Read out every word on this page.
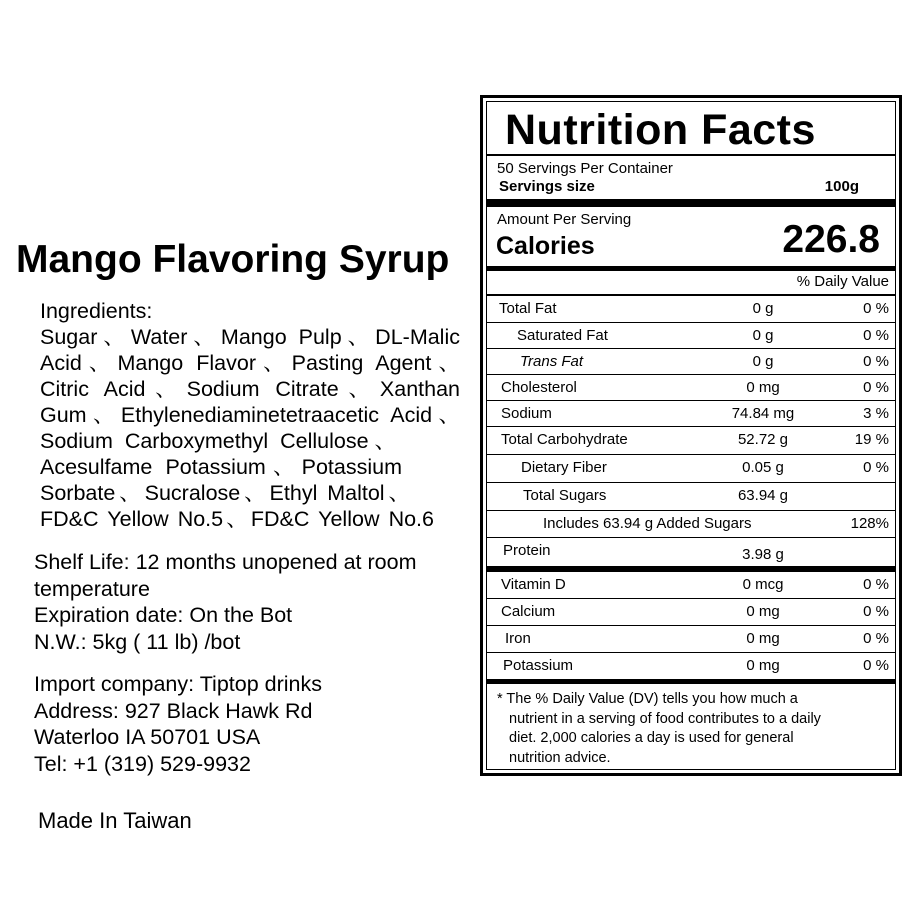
Mango Flavoring Syrup
Ingredients:
Sugar、Water、Mango Pulp、DL-Malic
Acid、Mango Flavor、Pasting Agent、
Citric Acid、Sodium Citrate、Xanthan
Gum、Ethylenediaminetetraacetic Acid、
Sodium Carboxymethyl Cellulose、
Acesulfame Potassium、Potassium
Sorbate、Sucralose、Ethyl Maltol、
FD&C Yellow No.5、FD&C Yellow No.6
Shelf Life: 12 months unopened at room
temperature
Expiration date: On the Bot
N.W.: 5kg ( 11 lb) /bot
Import company: Tiptop drinks
Address: 927 Black Hawk Rd
Waterloo IA 50701 USA
Tel: +1 (319) 529-9932
Made In Taiwan
Nutrition Facts
50 Servings Per Container
Servings size	100g
Amount Per Serving
Calories	226.8
% Daily Value
Total Fat	0 g	0 %
Saturated Fat	0 g	0 %
Trans Fat	0 g	0 %
Cholesterol	0 mg	0 %
Sodium	74.84 mg	3 %
Total Carbohydrate	52.72 g	19 %
Dietary Fiber	0.05 g	0 %
Total Sugars	63.94 g
Includes 63.94 g Added Sugars	128%
Protein	3.98 g
Vitamin D	0 mcg	0 %
Calcium	0 mg	0 %
Iron	0 mg	0 %
Potassium	0 mg	0 %
* The % Daily Value (DV) tells you how much a
nutrient in a serving of food contributes to a daily
diet. 2,000 calories a day is used for general
nutrition advice.
